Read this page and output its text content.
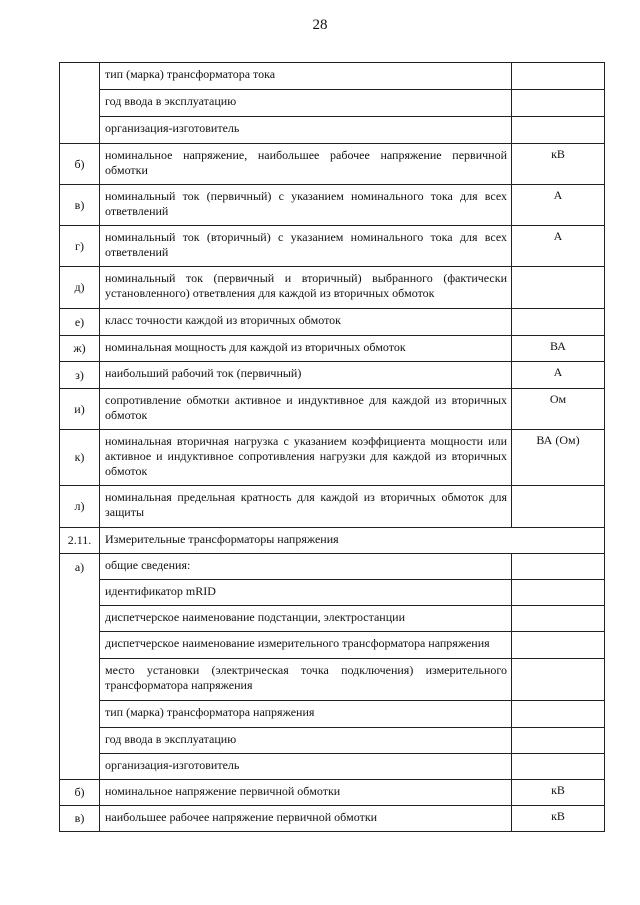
28
	тип (марка) трансформатора тока	
	год ввода в эксплуатацию	
	организация-изготовитель	
б)	номинальное напряжение, наибольшее рабочее напряжение первичной обмотки	кВ
в)	номинальный ток (первичный) с указанием номинального тока для всех ответвлений	А
г)	номинальный ток (вторичный) с указанием номинального тока для всех ответвлений	А
д)	номинальный ток (первичный и вторичный) выбранного (фактически установленного) ответвления для каждой из вторичных обмоток	
е)	класс точности каждой из вторичных обмоток	
ж)	номинальная мощность для каждой из вторичных обмоток	ВА
з)	наибольший рабочий ток (первичный)	А
и)	сопротивление обмотки активное и индуктивное для каждой из вторичных обмоток	Ом
к)	номинальная вторичная нагрузка с указанием коэффициента мощности или активное и индуктивное сопротивления нагрузки для каждой из вторичных обмоток	ВА (Ом)
л)	номинальная предельная кратность для каждой из вторичных обмоток для защиты	
2.11.	Измерительные трансформаторы напряжения	
а)	общие сведения:	
	идентификатор mRID	
	диспетчерское наименование подстанции, электростанции	
	диспетчерское наименование измерительного трансформатора напряжения	
	место установки (электрическая точка подключения) измерительного трансформатора напряжения	
	тип (марка) трансформатора напряжения	
	год ввода в эксплуатацию	
	организация-изготовитель	
б)	номинальное напряжение первичной обмотки	кВ
в)	наибольшее рабочее напряжение первичной обмотки	кВ
